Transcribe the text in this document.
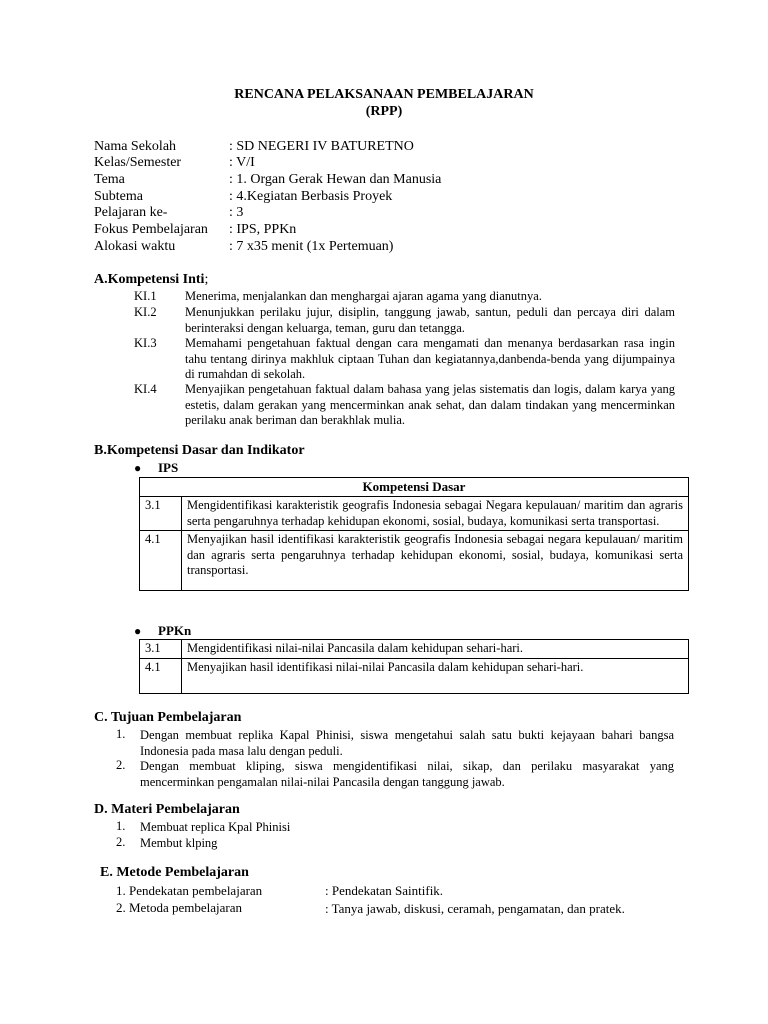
RENCANA PELAKSANAAN PEMBELAJARAN
(RPP)
Nama Sekolah	: SD NEGERI IV BATURETNO
Kelas/Semester	: V/I
Tema	: 1. Organ Gerak Hewan dan Manusia
Subtema	: 4.Kegiatan Berbasis Proyek
Pelajaran ke-	: 3
Fokus Pembelajaran : IPS, PPKn
Alokasi waktu	: 7 x35 menit (1x Pertemuan)
A.Kompetensi Inti;
KI.1 Menerima, menjalankan dan menghargai ajaran agama yang dianutnya.
KI.2 Menunjukkan perilaku jujur, disiplin, tanggung jawab, santun, peduli dan percaya diri dalam berinteraksi dengan keluarga, teman, guru dan tetangga.
KI.3 Memahami pengetahuan faktual dengan cara mengamati dan menanya berdasarkan rasa ingin tahu tentang dirinya makhluk ciptaan Tuhan dan kegiatannya,danbenda-benda yang dijumpainya di rumahdan di sekolah.
KI.4 Menyajikan pengetahuan faktual dalam bahasa yang jelas sistematis dan logis, dalam karya yang estetis, dalam gerakan yang mencerminkan anak sehat, dan dalam tindakan yang mencerminkan perilaku anak beriman dan berakhlak mulia.
B.Kompetensi Dasar dan Indikator
● IPS
Kompetensi Dasar	
3.1	Mengidentifikasi karakteristik geografis Indonesia sebagai Negara kepulauan/ maritim dan agraris serta pengaruhnya terhadap kehidupan ekonomi, sosial, budaya, komunikasi serta transportasi.
4.1	Menyajikan hasil identifikasi karakteristik geografis Indonesia sebagai negara kepulauan/ maritim dan agraris serta pengaruhnya terhadap kehidupan ekonomi, sosial, budaya, komunikasi serta transportasi.
● PPKn
3.1	Mengidentifikasi nilai-nilai Pancasila dalam kehidupan sehari-hari.
4.1	Menyajikan hasil identifikasi nilai-nilai Pancasila dalam kehidupan sehari-hari.
C. Tujuan Pembelajaran
1. Dengan membuat replika Kapal Phinisi, siswa mengetahui salah satu bukti kejayaan bahari bangsa Indonesia pada masa lalu dengan peduli.
2. Dengan membuat kliping, siswa mengidentifikasi nilai, sikap, dan perilaku masyarakat yang mencerminkan pengamalan nilai-nilai Pancasila dengan tanggung jawab.
D. Materi Pembelajaran
1. Membuat replica Kpal Phinisi
2. Membut klping
E. Metode Pembelajaran
1. Pendekatan pembelajaran	: Pendekatan Saintifik.
2. Metoda pembelajaran	: Tanya jawab, diskusi, ceramah, pengamatan, dan pratek.
